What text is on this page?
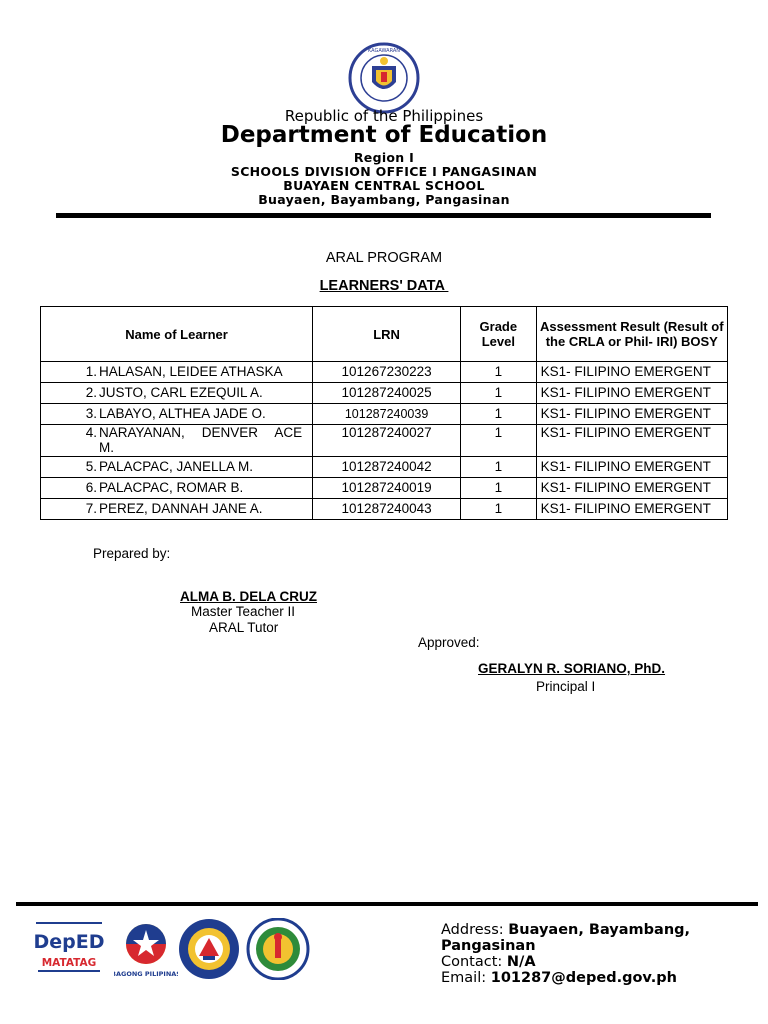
KAGAWARAN
Republic of the Philippines
Department of Education
Region I
SCHOOLS DIVISION OFFICE I PANGASINAN
BUAYAEN CENTRAL SCHOOL
Buayaen, Bayambang, Pangasinan
ARAL PROGRAM
LEARNERS' DATA
Name of Learner	LRN	Grade Level	Assessment Result (Result of the CRLA or Phil- IRI) BOSY

1. HALASAN, LEIDEE ATHASKA	101267230223	1	KS1- FILIPINO EMERGENT

2. JUSTO, CARL EZEQUIL A.	101287240025	1	KS1- FILIPINO EMERGENT

3. LABAYO, ALTHEA JADE O.	101287240039	1	KS1- FILIPINO EMERGENT

4. NARAYANAN, DENVER ACE
M.	101287240027	1	KS1- FILIPINO EMERGENT

5. PALACPAC, JANELLA M.	101287240042	1	KS1- FILIPINO EMERGENT

6. PALACPAC, ROMAR B.	101287240019	1	KS1- FILIPINO EMERGENT

7. PEREZ, DANNAH JANE A.	101287240043	1	KS1- FILIPINO EMERGENT
Prepared by:
ALMA B. DELA CRUZ
Master Teacher II
ARAL Tutor
Approved:
GERALYN R. SORIANO, PhD.
Principal I
DepED
MATATAG
BAGONG PILIPINAS
Address: Buayaen, Bayambang,
Pangasinan
Contact: N/A
Email: 101287@deped.gov.ph
